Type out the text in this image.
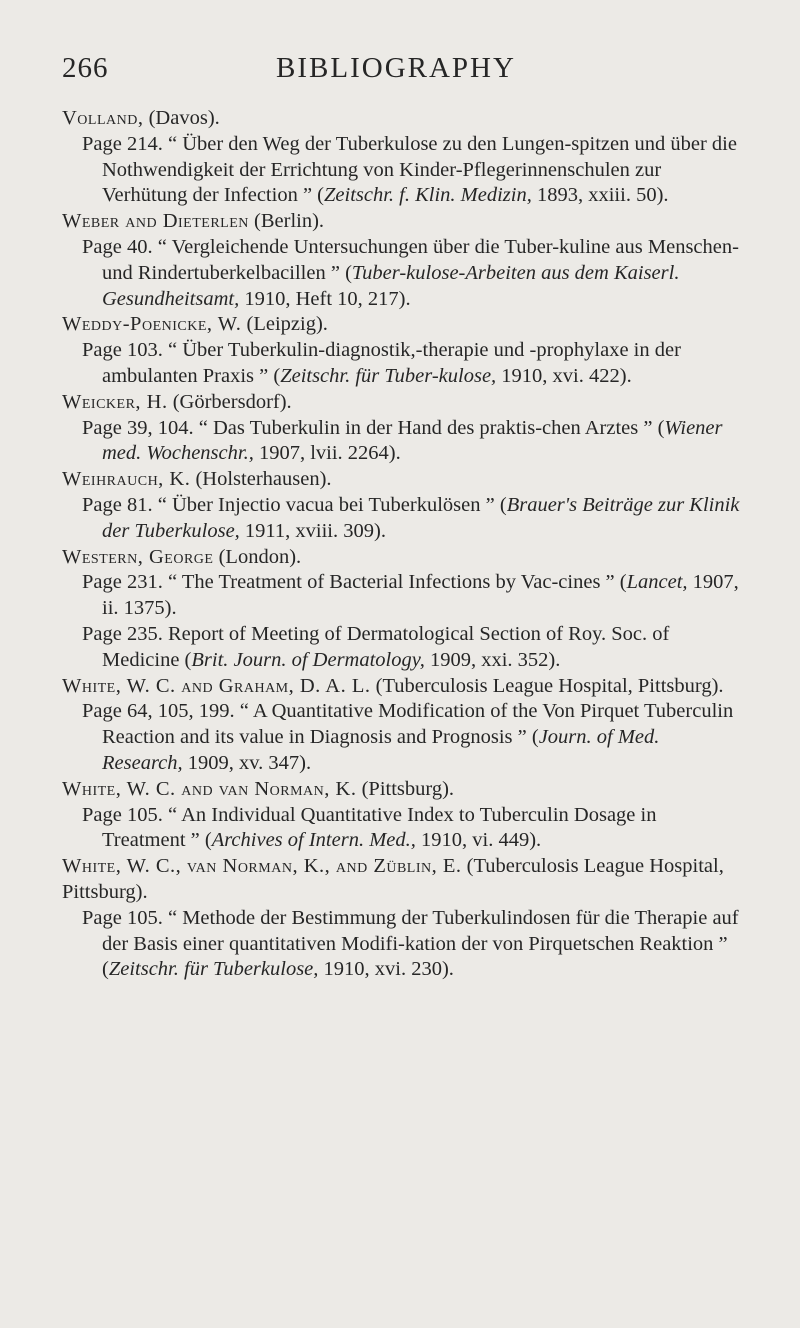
266	BIBLIOGRAPHY

Volland, (Davos).

Page 214. “ Über den Weg der Tuberkulose zu den Lungen-spitzen und über die Nothwendigkeit der Errichtung von Kinder-Pflegerinnenschulen zur Verhütung der Infection ” (Zeitschr. f. Klin. Medizin, 1893, xxiii. 50).

Weber and Dieterlen (Berlin).

Page 40. “ Vergleichende Untersuchungen über die Tuber-kuline aus Menschen-und Rindertuberkelbacillen ” (Tuber-kulose-Arbeiten aus dem Kaiserl. Gesundheitsamt, 1910, Heft 10, 217).

Weddy-Poenicke, W. (Leipzig).

Page 103. “ Über Tuberkulin-diagnostik,-therapie und -prophylaxe in der ambulanten Praxis ” (Zeitschr. für Tuber-kulose, 1910, xvi. 422).

Weicker, H. (Görbersdorf).

Page 39, 104. “ Das Tuberkulin in der Hand des praktis-chen Arztes ” (Wiener med. Wochenschr., 1907, lvii. 2264).

Weihrauch, K. (Holsterhausen).

Page 81. “ Über Injectio vacua bei Tuberkulösen ” (Brauer's Beiträge zur Klinik der Tuberkulose, 1911, xviii. 309).

Western, George (London).

Page 231. “ The Treatment of Bacterial Infections by Vac-cines ” (Lancet, 1907, ii. 1375).

Page 235. Report of Meeting of Dermatological Section of Roy. Soc. of Medicine (Brit. Journ. of Dermatology, 1909, xxi. 352).

White, W. C. and Graham, D. A. L. (Tuberculosis League Hospital, Pittsburg).

Page 64, 105, 199. “ A Quantitative Modification of the Von Pirquet Tuberculin Reaction and its value in Diagnosis and Prognosis ” (Journ. of Med. Research, 1909, xv. 347).

White, W. C. and van Norman, K. (Pittsburg).

Page 105. “ An Individual Quantitative Index to Tuberculin Dosage in Treatment ” (Archives of Intern. Med., 1910, vi. 449).

White, W. C., van Norman, K., and Züblin, E. (Tuberculosis League Hospital, Pittsburg).

Page 105. “ Methode der Bestimmung der Tuberkulindosen für die Therapie auf der Basis einer quantitativen Modifi-kation der von Pirquetschen Reaktion ” (Zeitschr. für Tuberkulose, 1910, xvi. 230).
